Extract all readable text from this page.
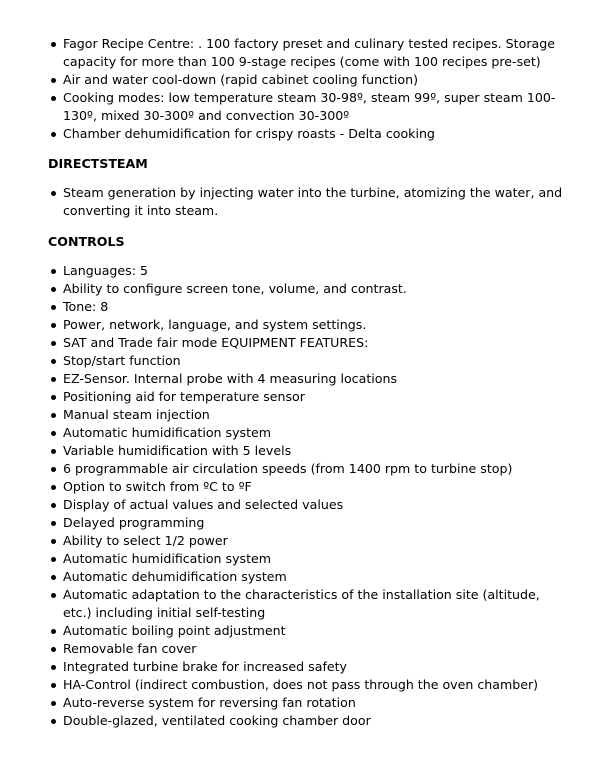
Fagor Recipe Centre: . 100 factory preset and culinary tested recipes. Storage capacity for more than 100 9-stage recipes (come with 100 recipes pre-set)
Air and water cool-down (rapid cabinet cooling function)
Cooking modes: low temperature steam 30-98º, steam 99º, super steam 100- 130º, mixed 30-300º and convection 30-300º
Chamber dehumidification for crispy roasts - Delta cooking
DIRECTSTEAM
Steam generation by injecting water into the turbine, atomizing the water, and converting it into steam.
CONTROLS
Languages: 5
Ability to configure screen tone, volume, and contrast.
Tone: 8
Power, network, language, and system settings.
SAT and Trade fair mode EQUIPMENT FEATURES:
Stop/start function
EZ-Sensor. Internal probe with 4 measuring locations
Positioning aid for temperature sensor
Manual steam injection
Automatic humidification system
Variable humidification with 5 levels
6 programmable air circulation speeds (from 1400 rpm to turbine stop)
Option to switch from ºC to ºF
Display of actual values and selected values
Delayed programming
Ability to select 1/2 power
Automatic humidification system
Automatic dehumidification system
Automatic adaptation to the characteristics of the installation site (altitude, etc.) including initial self-testing
Automatic boiling point adjustment
Removable fan cover
Integrated turbine brake for increased safety
HA-Control (indirect combustion, does not pass through the oven chamber)
Auto-reverse system for reversing fan rotation
Double-glazed, ventilated cooking chamber door
